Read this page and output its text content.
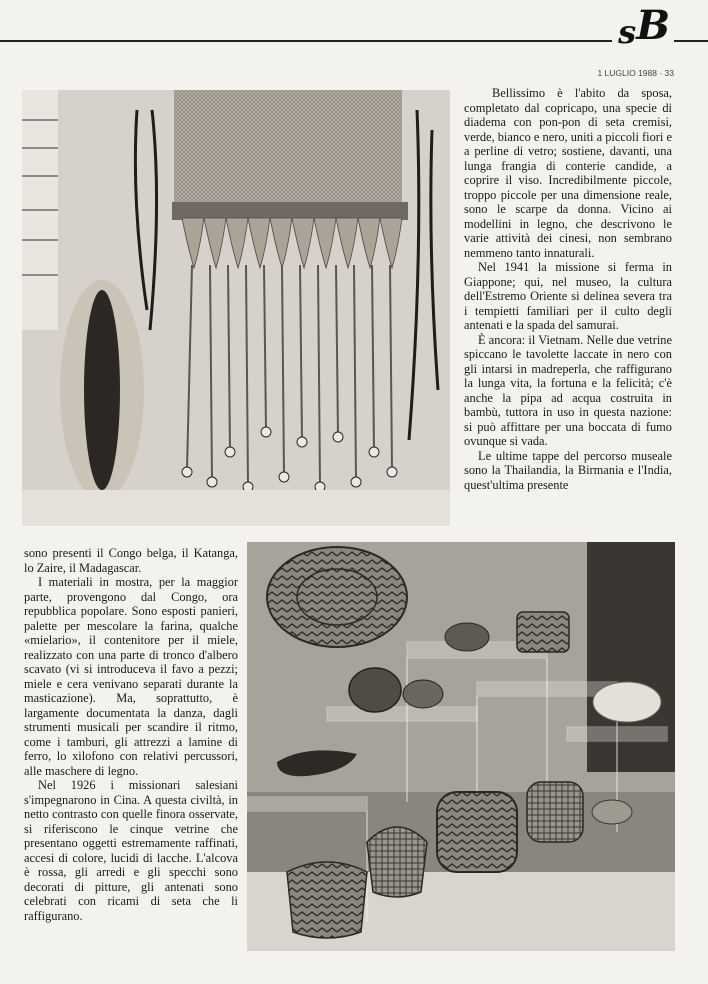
sB
1 LUGLIO 1988 · 33

Bellissimo è l'abito da sposa, completato dal copricapo, una specie di diadema con pon-pon di seta cremisi, verde, bianco e nero, uniti a piccoli fiori e a perline di vetro; sostiene, davanti, una lunga frangia di conterie candide, a coprire il viso. Incredibilmente piccole, troppo piccole per una dimensione reale, sono le scarpe da donna. Vicino ai modellini in legno, che descrivono le varie attività dei cinesi, non sembrano nemmeno tanto innaturali.

Nel 1941 la missione si ferma in Giappone; qui, nel museo, la cultura dell'Estremo Oriente si delinea severa tra i tempietti familiari per il culto degli antenati e la spada del samurai.

È ancora: il Vietnam. Nelle due vetrine spiccano le tavolette laccate in nero con gli intarsi in madreperla, che raffigurano la lunga vita, la fortuna e la felicità; c'è anche la pipa ad acqua costruita in bambù, tuttora in uso in questa nazione: si può affittare per una boccata di fumo ovunque si vada.

Le ultime tappe del percorso museale sono la Thailandia, la Birmania e l'India, quest'ultima presente

sono presenti il Congo belga, il Katanga, lo Zaire, il Madagascar.

I materiali in mostra, per la maggior parte, provengono dal Congo, ora repubblica popolare. Sono esposti panieri, palette per mescolare la farina, qualche «mielario», il contenitore per il miele, realizzato con una parte di tronco d'albero scavato (vi si introduceva il favo a pezzi; miele e cera venivano separati durante la masticazione). Ma, soprattutto, è largamente documentata la danza, dagli strumenti musicali per scandire il ritmo, come i tamburi, gli attrezzi a lamine di ferro, lo xilofono con relativi percussori, alle maschere di legno.

Nel 1926 i missionari salesiani s'impegnarono in Cina. A questa civiltà, in netto contrasto con quelle finora osservate, si riferiscono le cinque vetrine che presentano oggetti estremamente raffinati, accesi di colore, lucidi di lacche. L'alcova è rossa, gli arredi e gli specchi sono decorati di pitture, gli antenati sono celebrati con ricami di seta che li raffigurano.
